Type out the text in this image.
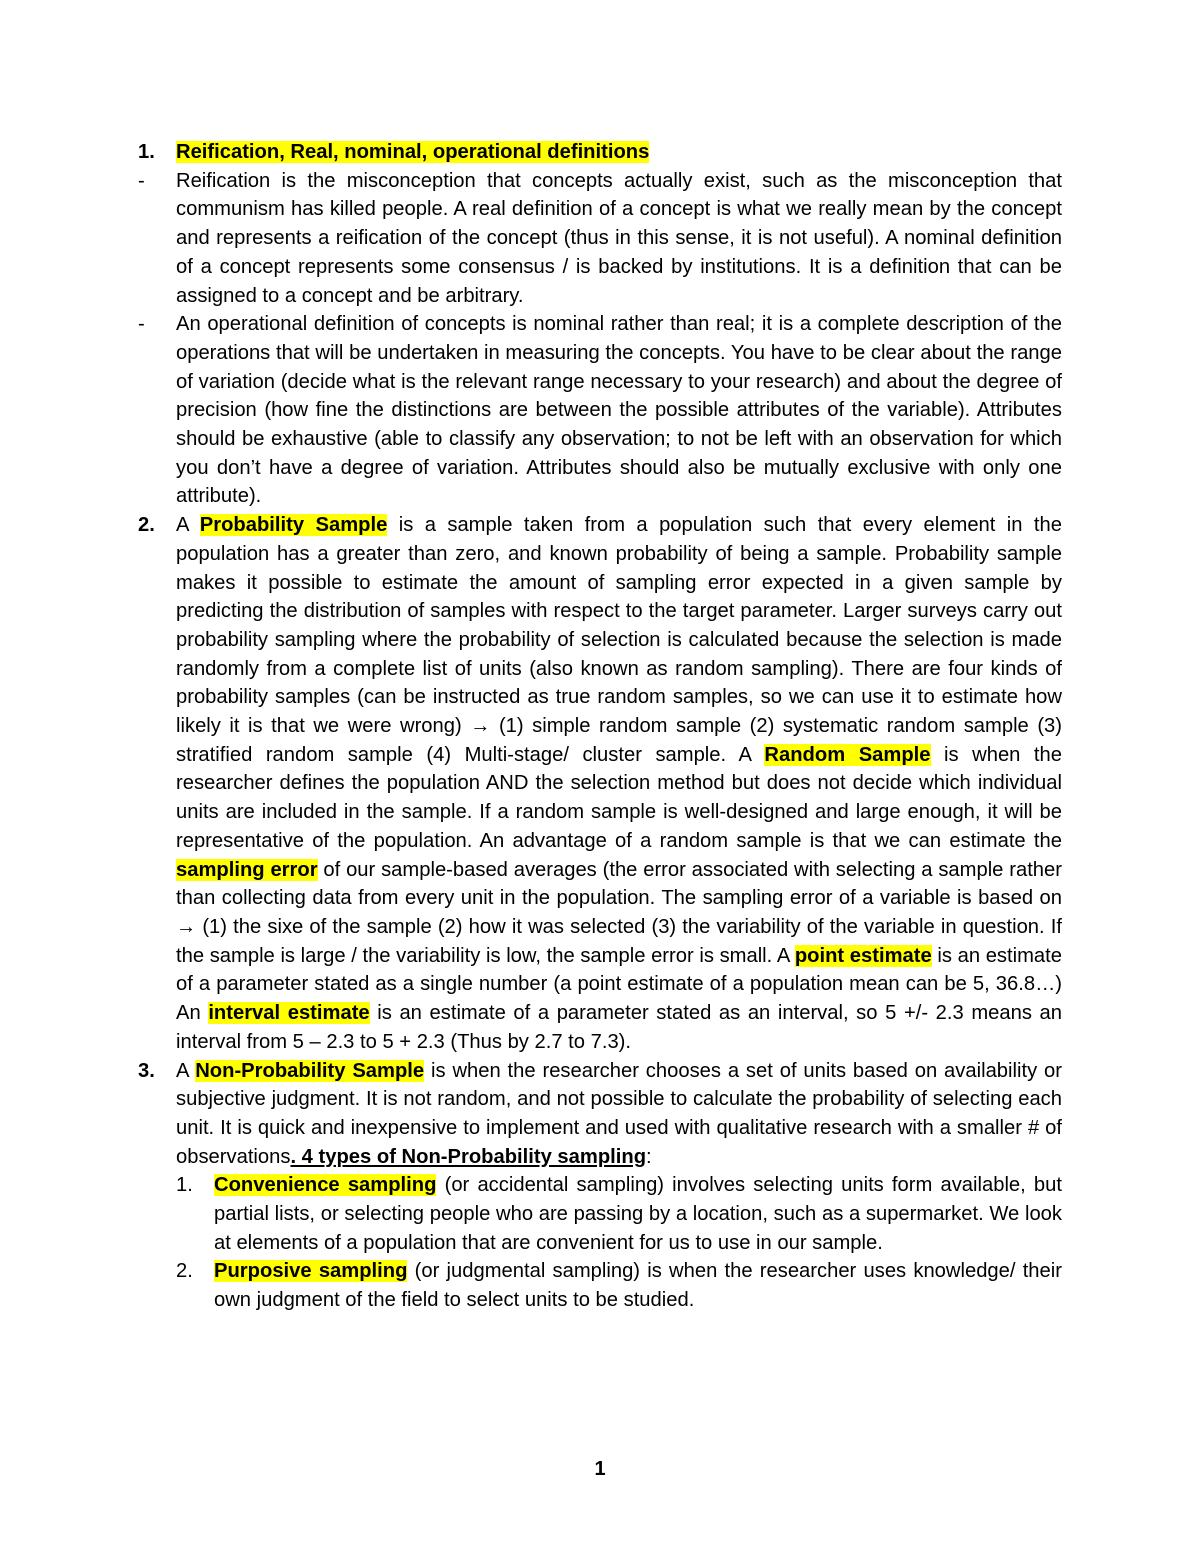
1.	Reification, Real, nominal, operational definitions
-	Reification is the misconception that concepts actually exist, such as the misconception that communism has killed people. A real definition of a concept is what we really mean by the concept and represents a reification of the concept (thus in this sense, it is not useful). A nominal definition of a concept represents some consensus / is backed by institutions. It is a definition that can be assigned to a concept and be arbitrary.

-	An operational definition of concepts is nominal rather than real; it is a complete description of the operations that will be undertaken in measuring the concepts. You have to be clear about the range of variation (decide what is the relevant range necessary to your research) and about the degree of precision (how fine the distinctions are between the possible attributes of the variable). Attributes should be exhaustive (able to classify any observation; to not be left with an observation for which you don’t have a degree of variation. Attributes should also be mutually exclusive with only one attribute).

2.	A Probability Sample is a sample taken from a population such that every element in the population has a greater than zero, and known probability of being a sample. Probability sample makes it possible to estimate the amount of sampling error expected in a given sample by predicting the distribution of samples with respect to the target parameter. Larger surveys carry out probability sampling where the probability of selection is calculated because the selection is made randomly from a complete list of units (also known as random sampling). There are four kinds of probability samples (can be instructed as true random samples, so we can use it to estimate how likely it is that we were wrong) → (1) simple random sample (2) systematic random sample (3) stratified random sample (4) Multi-stage/ cluster sample. A Random Sample is when the researcher defines the population AND the selection method but does not decide which individual units are included in the sample. If a random sample is well-designed and large enough, it will be representative of the population. An advantage of a random sample is that we can estimate the sampling error of our sample-based averages (the error associated with selecting a sample rather than collecting data from every unit in the population. The sampling error of a variable is based on → (1) the sixe of the sample (2) how it was selected (3) the variability of the variable in question. If the sample is large / the variability is low, the sample error is small. A point estimate is an estimate of a parameter stated as a single number (a point estimate of a population mean can be 5, 36.8…) An interval estimate is an estimate of a parameter stated as an interval, so 5 +/- 2.3 means an interval from 5 – 2.3 to 5 + 2.3 (Thus by 2.7 to 7.3).

3.	A Non-Probability Sample is when the researcher chooses a set of units based on availability or subjective judgment. It is not random, and not possible to calculate the probability of selecting each unit. It is quick and inexpensive to implement and used with qualitative research with a smaller # of observations. 4 types of Non-Probability sampling:

1.	Convenience sampling (or accidental sampling) involves selecting units form available, but partial lists, or selecting people who are passing by a location, such as a supermarket. We look at elements of a population that are convenient for us to use in our sample.

2.	Purposive sampling (or judgmental sampling) is when the researcher uses knowledge/ their own judgment of the field to select units to be studied.

1
